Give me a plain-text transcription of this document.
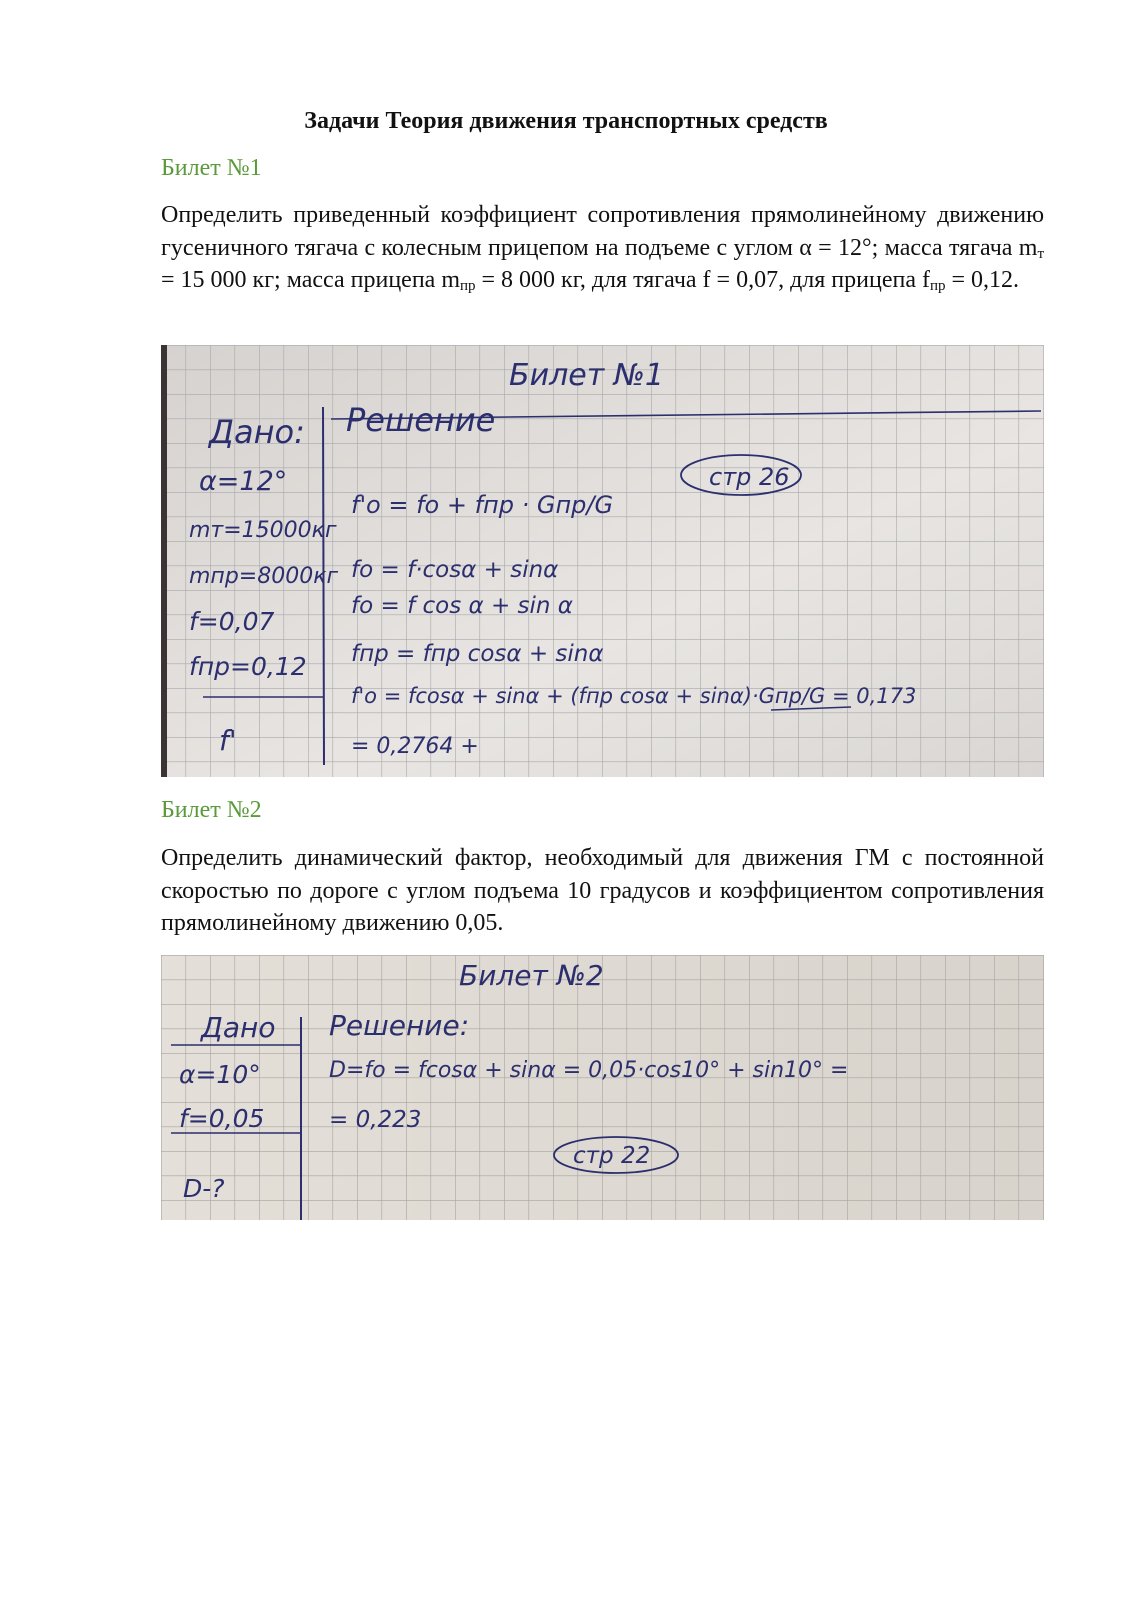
Задачи Теория движения транспортных средств
Билет №1
Определить приведенный коэффициент сопротивления прямолинейному движению гусеничного тягача с колесным прицепом на подъеме с углом α = 12°; масса тягача $m_т = 15$ 000 кг; масса прицепа $m_{пр} = 8$ 000 кг, для тягача f = 0,07, для прицепа $f_{пр} = 0,12$.
Билет №1
Дано: Решение
стр 26
α=12°
mт=15000кг
mпр=8000кг
f=0,07
fпр=0,12
f'
f'о = fо + fпр · Gпр/G
fо = f·cosα + sinα
fо = f cos α + sin α
fпр = fпр cosα + sinα
f'о = fcosα + sinα + (fпр cosα + sinα)·Gпр/G = 0,173
= 0,2764 +
Билет №2
Определить динамический фактор, необходимый для движения ГМ с постоянной скоростью по дороге с углом подъема 10 градусов и коэффициентом сопротивления прямолинейному движению 0,05.
Билет №2
Дано Решение:
α=10°
f=0,05
D-?
D=fо = fcosα + sinα = 0,05·cos10° + sin10° =
= 0,223
стр 22
